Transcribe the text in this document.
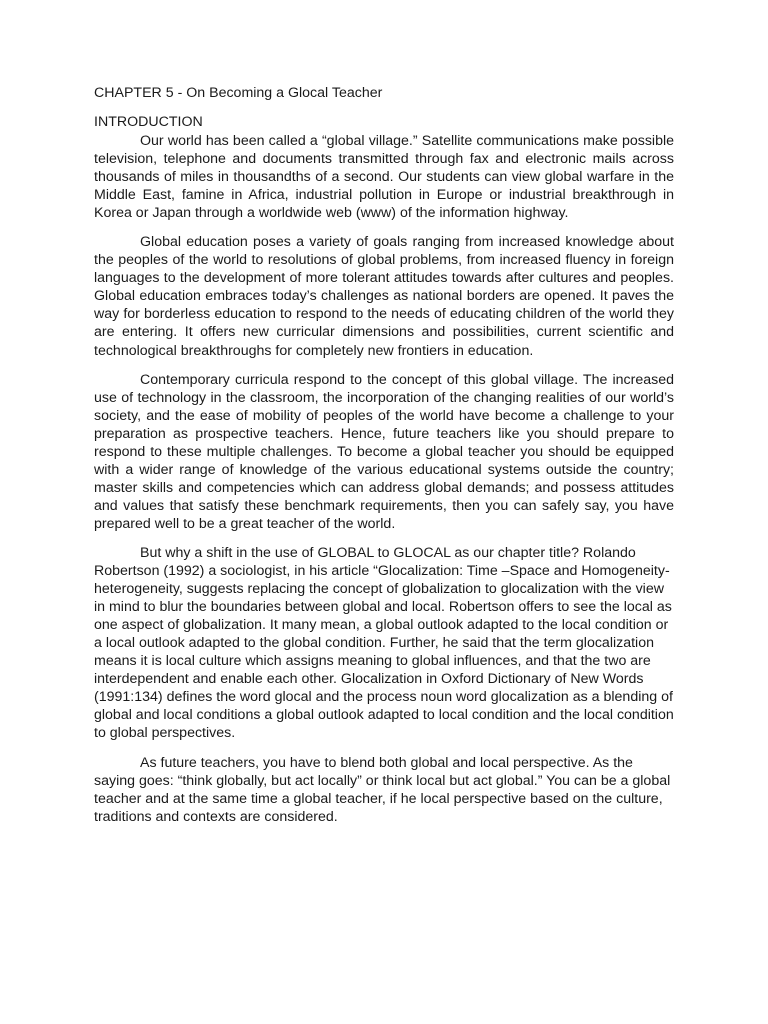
CHAPTER 5 - On Becoming a Glocal Teacher
INTRODUCTION

Our world has been called a “global village.” Satellite communications make possible television, telephone and documents transmitted through fax and electronic mails across thousands of miles in thousandths of a second. Our students can view global warfare in the Middle East, famine in Africa, industrial pollution in Europe or industrial breakthrough in Korea or Japan through a worldwide web (www) of the information highway.

Global education poses a variety of goals ranging from increased knowledge about the peoples of the world to resolutions of global problems, from increased fluency in foreign languages to the development of more tolerant attitudes towards after cultures and peoples. Global education embraces today’s challenges as national borders are opened. It paves the way for borderless education to respond to the needs of educating children of the world they are entering. It offers new curricular dimensions and possibilities, current scientific and technological breakthroughs for completely new frontiers in education.

Contemporary curricula respond to the concept of this global village. The increased use of technology in the classroom, the incorporation of the changing realities of our world’s society, and the ease of mobility of peoples of the world have become a challenge to your preparation as prospective teachers. Hence, future teachers like you should prepare to respond to these multiple challenges. To become a global teacher you should be equipped with a wider range of knowledge of the various educational systems outside the country; master skills and competencies which can address global demands; and possess attitudes and values that satisfy these benchmark requirements, then you can safely say, you have prepared well to be a great teacher of the world.

But why a shift in the use of GLOBAL to GLOCAL as our chapter title? Rolando Robertson (1992) a sociologist, in his article “Glocalization: Time –Space and Homogeneity-heterogeneity, suggests replacing the concept of globalization to glocalization with the view in mind to blur the boundaries between global and local. Robertson offers to see the local as one aspect of globalization. It many mean, a global outlook adapted to the local condition or a local outlook adapted to the global condition. Further, he said that the term glocalization means it is local culture which assigns meaning to global influences, and that the two are interdependent and enable each other. Glocalization in Oxford Dictionary of New Words (1991:134) defines the word glocal and the process noun word glocalization as a blending of global and local conditions a global outlook adapted to local condition and the local condition to global perspectives.

As future teachers, you have to blend both global and local perspective. As the saying goes: “think globally, but act locally” or think local but act global.” You can be a global teacher and at the same time a global teacher, if he local perspective based on the culture, traditions and contexts are considered.
